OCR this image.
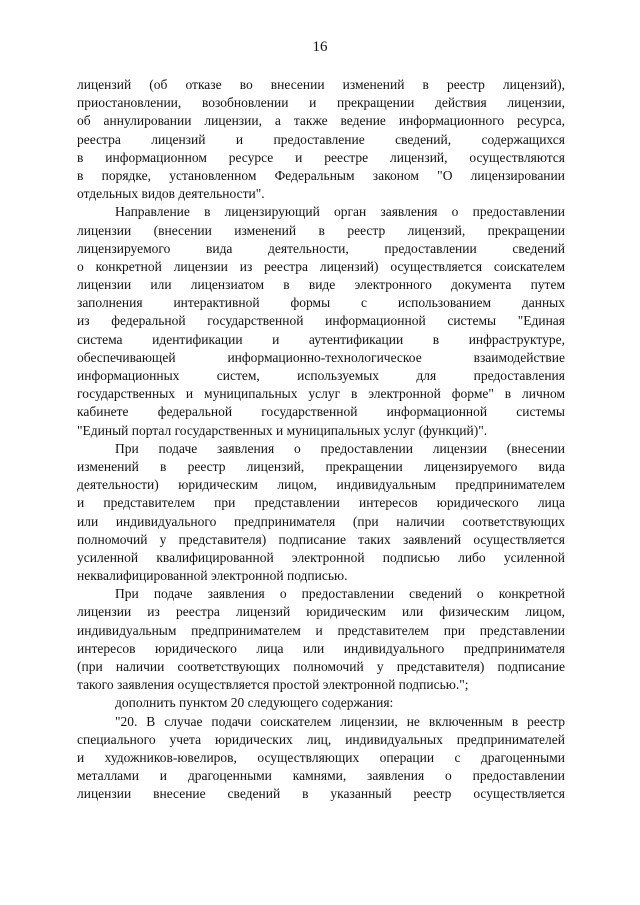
16
лицензий (об отказе во внесении изменений в реестр лицензий),
приостановлении, возобновлении и прекращении действия лицензии,
об аннулировании лицензии, а также ведение информационного ресурса,
реестра лицензий и предоставление сведений, содержащихся
в информационном ресурсе и реестре лицензий, осуществляются
в порядке, установленном Федеральным законом "О лицензировании
отдельных видов деятельности".
Направление в лицензирующий орган заявления о предоставлении
лицензии (внесении изменений в реестр лицензий, прекращении
лицензируемого вида деятельности, предоставлении сведений
о конкретной лицензии из реестра лицензий) осуществляется соискателем
лицензии или лицензиатом в виде электронного документа путем
заполнения интерактивной формы с использованием данных
из федеральной государственной информационной системы "Единая
система идентификации и аутентификации в инфраструктуре,
обеспечивающей информационно-технологическое взаимодействие
информационных систем, используемых для предоставления
государственных и муниципальных услуг в электронной форме" в личном
кабинете федеральной государственной информационной системы
"Единый портал государственных и муниципальных услуг (функций)".
При подаче заявления о предоставлении лицензии (внесении
изменений в реестр лицензий, прекращении лицензируемого вида
деятельности) юридическим лицом, индивидуальным предпринимателем
и представителем при представлении интересов юридического лица
или индивидуального предпринимателя (при наличии соответствующих
полномочий у представителя) подписание таких заявлений осуществляется
усиленной квалифицированной электронной подписью либо усиленной
неквалифицированной электронной подписью.
При подаче заявления о предоставлении сведений о конкретной
лицензии из реестра лицензий юридическим или физическим лицом,
индивидуальным предпринимателем и представителем при представлении
интересов юридического лица или индивидуального предпринимателя
(при наличии соответствующих полномочий у представителя) подписание
такого заявления осуществляется простой электронной подписью.";
дополнить пунктом 20 следующего содержания:
"20. В случае подачи соискателем лицензии, не включенным в реестр
специального учета юридических лиц, индивидуальных предпринимателей
и художников-ювелиров, осуществляющих операции с драгоценными
металлами и драгоценными камнями, заявления о предоставлении
лицензии внесение сведений в указанный реестр осуществляется
